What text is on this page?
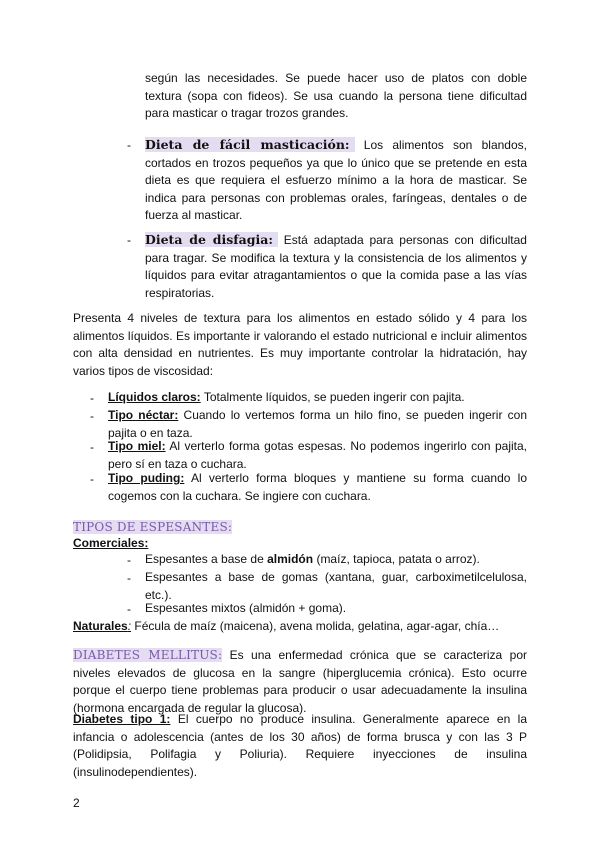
según las necesidades. Se puede hacer uso de platos con doble textura (sopa con fideos). Se usa cuando la persona tiene dificultad para masticar o tragar trozos grandes.

- Dieta de fácil masticación: Los alimentos son blandos, cortados en trozos pequeños ya que lo único que se pretende en esta dieta es que requiera el esfuerzo mínimo a la hora de masticar. Se indica para personas con problemas orales, faríngeas, dentales o de fuerza al masticar.

- Dieta de disfagia: Está adaptada para personas con dificultad para tragar. Se modifica la textura y la consistencia de los alimentos y líquidos para evitar atragantamientos o que la comida pase a las vías respiratorias.

Presenta 4 niveles de textura para los alimentos en estado sólido y 4 para los alimentos líquidos. Es importante ir valorando el estado nutricional e incluir alimentos con alta densidad en nutrientes. Es muy importante controlar la hidratación, hay varios tipos de viscosidad:

- Líquidos claros: Totalmente líquidos, se pueden ingerir con pajita.

- Tipo néctar: Cuando lo vertemos forma un hilo fino, se pueden ingerir con pajita o en taza.

- Tipo miel: Al verterlo forma gotas espesas. No podemos ingerirlo con pajita, pero sí en taza o cuchara.

- Tipo puding: Al verterlo forma bloques y mantiene su forma cuando lo cogemos con la cuchara. Se ingiere con cuchara.

TIPOS DE ESPESANTES:

Comerciales:

- Espesantes a base de almidón (maíz, tapioca, patata o arroz).

- Espesantes a base de gomas (xantana, guar, carboximetilcelulosa, etc.).

- Espesantes mixtos (almidón + goma).

Naturales: Fécula de maíz (maicena), avena molida, gelatina, agar-agar, chía…

DIABETES MELLITUS: Es una enfermedad crónica que se caracteriza por niveles elevados de glucosa en la sangre (hiperglucemia crónica). Esto ocurre porque el cuerpo tiene problemas para producir o usar adecuadamente la insulina (hormona encargada de regular la glucosa).

Diabetes tipo 1: El cuerpo no produce insulina. Generalmente aparece en la infancia o adolescencia (antes de los 30 años) de forma brusca y con las 3 P (Polidipsia, Polifagia y Poliuria). Requiere inyecciones de insulina (insulinodependientes).

2
